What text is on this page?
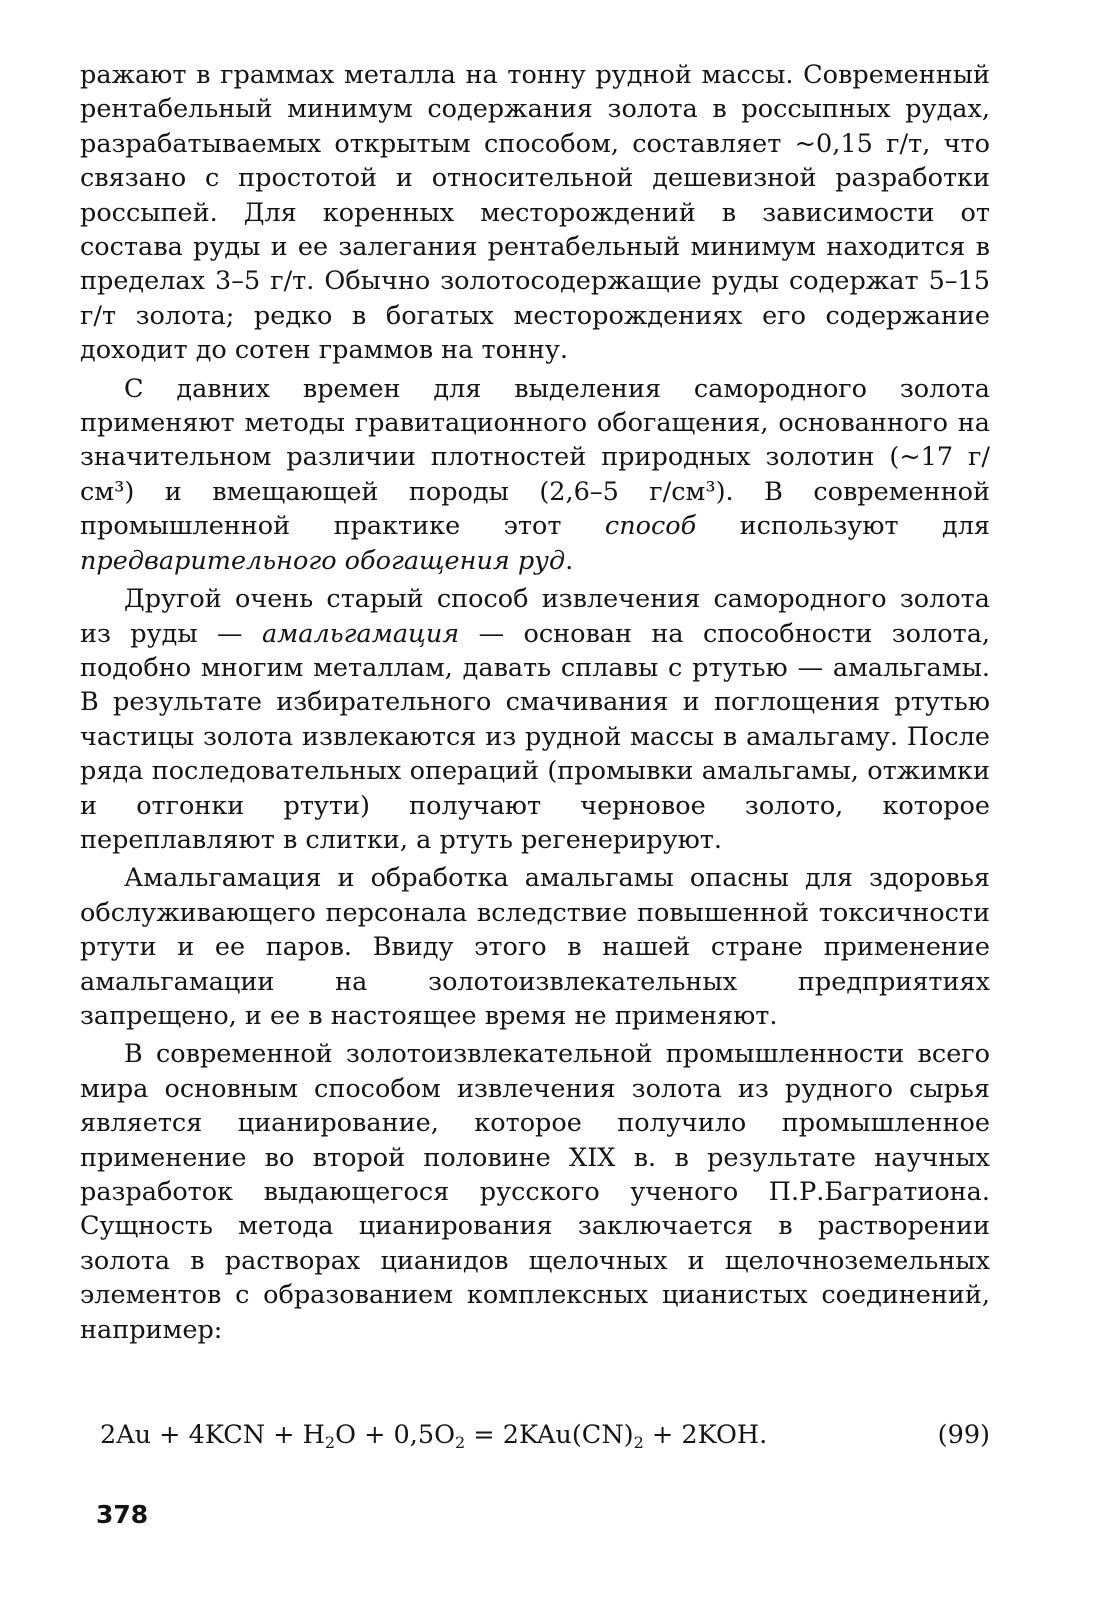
ражают в граммах металла на тонну рудной массы. Современный рентабельный минимум содержания золота в россыпных рудах, разрабатываемых открытым способом, составляет ~0,15 г/т, что связано с простотой и относительной дешевизной разработки россыпей. Для коренных месторождений в зависимости от состава руды и ее залегания рентабельный минимум находится в пределах 3–5 г/т. Обычно золотосодержащие руды содержат 5–15 г/т золота; редко в богатых месторождениях его содержание доходит до сотен граммов на тонну.

С давних времен для выделения самородного золота применяют методы гравитационного обогащения, основанного на значительном различии плотностей природных золотин (~17 г/см³) и вмещающей породы (2,6–5 г/см³). В современной промышленной практике этот способ используют для предварительного обогащения руд.

Другой очень старый способ извлечения самородного золота из руды — амальгамация — основан на способности золота, подобно многим металлам, давать сплавы с ртутью — амальгамы. В результате избирательного смачивания и поглощения ртутью частицы золота извлекаются из рудной массы в амальгаму. После ряда последовательных операций (промывки амальгамы, отжимки и отгонки ртути) получают черновое золото, которое переплавляют в слитки, а ртуть регенерируют.

Амальгамация и обработка амальгамы опасны для здоровья обслуживающего персонала вследствие повышенной токсичности ртути и ее паров. Ввиду этого в нашей стране применение амальгамации на золотоизвлекательных предприятиях запрещено, и ее в настоящее время не применяют.

В современной золотоизвлекательной промышленности всего мира основным способом извлечения золота из рудного сырья является цианирование, которое получило промышленное применение во второй половине XIX в. в результате научных разработок выдающегося русского ученого П.Р.Багратиона. Сущность метода цианирования заключается в растворении золота в растворах цианидов щелочных и щелочноземельных элементов с образованием комплексных цианистых соединений, например:

$2Au + 4KCN + H_2O + 0,5O_2 = 2KAu(CN)_2 + 2KOH$.	(99)
378
